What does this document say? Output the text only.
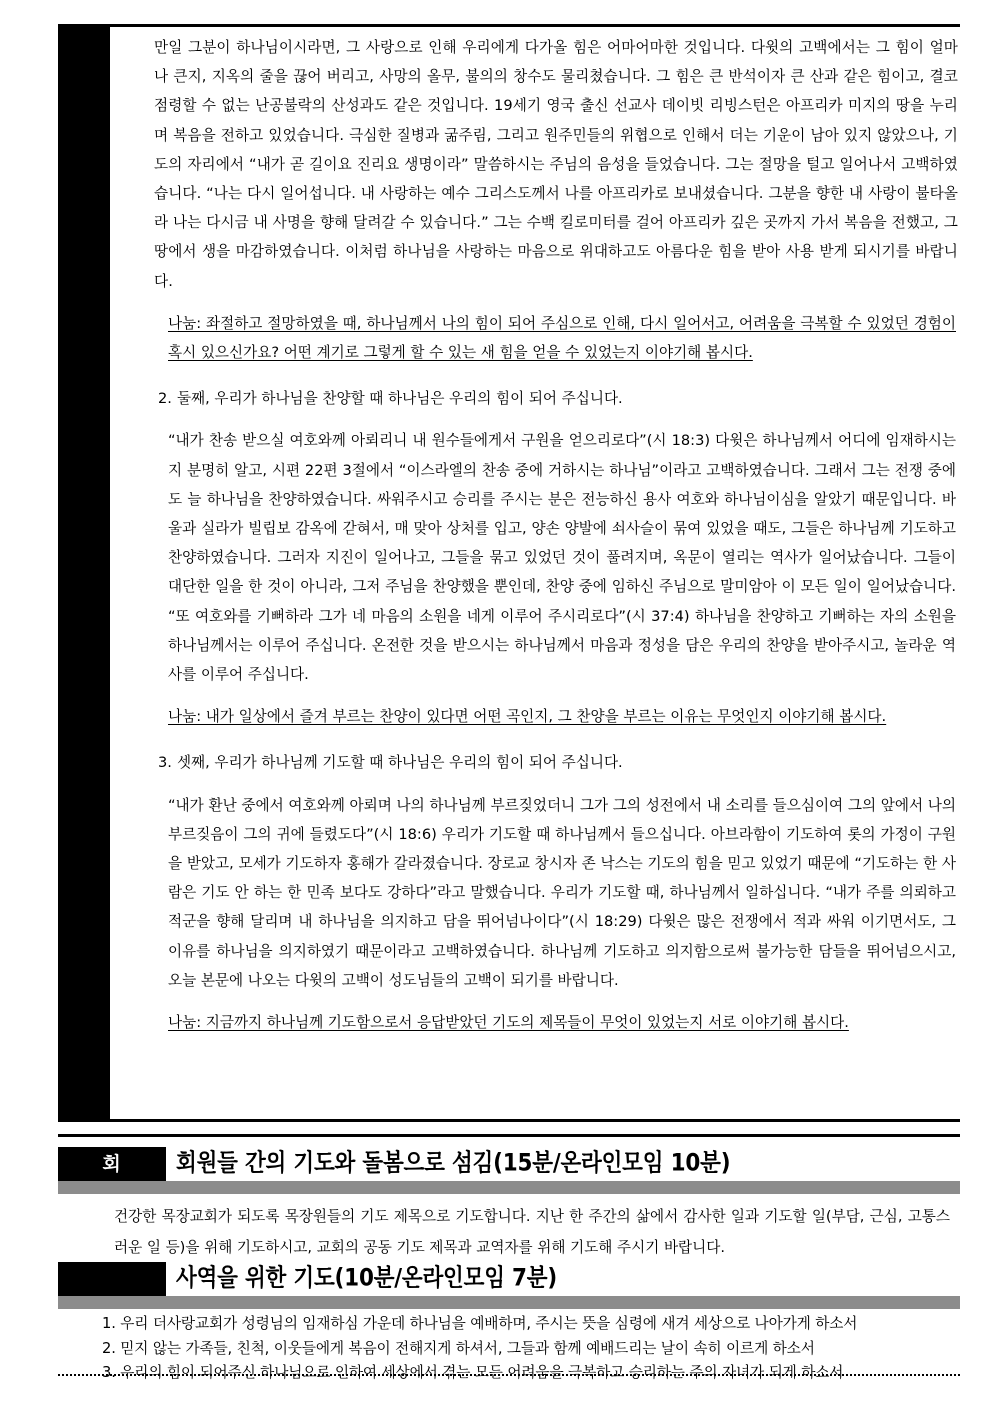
만일 그분이 하나님이시라면, 그 사랑으로 인해 우리에게 다가올 힘은 어마어마한 것입니다. 다윗의 고백에서는 그 힘이 얼마나 큰지, 지옥의 줄을 끊어 버리고, 사망의 올무, 불의의 창수도 물리쳤습니다. 그 힘은 큰 반석이자 큰 산과 같은 힘이고, 결코 점령할 수 없는 난공불락의 산성과도 같은 것입니다. 19세기 영국 출신 선교사 데이빗 리빙스턴은 아프리카 미지의 땅을 누리며 복음을 전하고 있었습니다. 극심한 질병과 굶주림, 그리고 원주민들의 위협으로 인해서 더는 기운이 남아 있지 않았으나, 기도의 자리에서 “내가 곧 길이요 진리요 생명이라” 말씀하시는 주님의 음성을 들었습니다. 그는 절망을 털고 일어나서 고백하였습니다. “나는 다시 일어섭니다. 내 사랑하는 예수 그리스도께서 나를 아프리카로 보내셨습니다. 그분을 향한 내 사랑이 불타올라 나는 다시금 내 사명을 향해 달려갈 수 있습니다.” 그는 수백 킬로미터를 걸어 아프리카 깊은 곳까지 가서 복음을 전했고, 그 땅에서 생을 마감하였습니다. 이처럼 하나님을 사랑하는 마음으로 위대하고도 아름다운 힘을 받아 사용 받게 되시기를 바랍니다.

나눔: 좌절하고 절망하였을 때, 하나님께서 나의 힘이 되어 주심으로 인해, 다시 일어서고, 어려움을 극복할 수 있었던 경험이 혹시 있으신가요? 어떤 계기로 그렇게 할 수 있는 새 힘을 얻을 수 있었는지 이야기해 봅시다.

2. 둘째, 우리가 하나님을 찬양할 때 하나님은 우리의 힘이 되어 주십니다.

“내가 찬송 받으실 여호와께 아뢰리니 내 원수들에게서 구원을 얻으리로다”(시 18:3) 다윗은 하나님께서 어디에 임재하시는지 분명히 알고, 시편 22편 3절에서 “이스라엘의 찬송 중에 거하시는 하나님”이라고 고백하였습니다. 그래서 그는 전쟁 중에도 늘 하나님을 찬양하였습니다. 싸워주시고 승리를 주시는 분은 전능하신 용사 여호와 하나님이심을 알았기 때문입니다. 바울과 실라가 빌립보 감옥에 갇혀서, 매 맞아 상처를 입고, 양손 양발에 쇠사슬이 묶여 있었을 때도, 그들은 하나님께 기도하고 찬양하였습니다. 그러자 지진이 일어나고, 그들을 묶고 있었던 것이 풀려지며, 옥문이 열리는 역사가 일어났습니다. 그들이 대단한 일을 한 것이 아니라, 그저 주님을 찬양했을 뿐인데, 찬양 중에 임하신 주님으로 말미암아 이 모든 일이 일어났습니다. “또 여호와를 기뻐하라 그가 네 마음의 소원을 네게 이루어 주시리로다”(시 37:4) 하나님을 찬양하고 기뻐하는 자의 소원을 하나님께서는 이루어 주십니다. 온전한 것을 받으시는 하나님께서 마음과 정성을 담은 우리의 찬양을 받아주시고, 놀라운 역사를 이루어 주십니다.

나눔: 내가 일상에서 즐겨 부르는 찬양이 있다면 어떤 곡인지, 그 찬양을 부르는 이유는 무엇인지 이야기해 봅시다.

3. 셋째, 우리가 하나님께 기도할 때 하나님은 우리의 힘이 되어 주십니다.

“내가 환난 중에서 여호와께 아뢰며 나의 하나님께 부르짖었더니 그가 그의 성전에서 내 소리를 들으심이여 그의 앞에서 나의 부르짖음이 그의 귀에 들렸도다”(시 18:6) 우리가 기도할 때 하나님께서 들으십니다. 아브라함이 기도하여 롯의 가정이 구원을 받았고, 모세가 기도하자 홍해가 갈라졌습니다. 장로교 창시자 존 낙스는 기도의 힘을 믿고 있었기 때문에 “기도하는 한 사람은 기도 안 하는 한 민족 보다도 강하다”라고 말했습니다. 우리가 기도할 때, 하나님께서 일하십니다. “내가 주를 의뢰하고 적군을 향해 달리며 내 하나님을 의지하고 담을 뛰어넘나이다”(시 18:29) 다윗은 많은 전쟁에서 적과 싸워 이기면서도, 그 이유를 하나님을 의지하였기 때문이라고 고백하였습니다. 하나님께 기도하고 의지함으로써 불가능한 담들을 뛰어넘으시고, 오늘 본문에 나오는 다윗의 고백이 성도님들의 고백이 되기를 바랍니다.

나눔: 지금까지 하나님께 기도함으로서 응답받았던 기도의 제목들이 무엇이 있었는지 서로 이야기해 봅시다.

회	회원들 간의 기도와 돌봄으로 섬김(15분/온라인모임 10분)

건강한 목장교회가 되도록 목장원들의 기도 제목으로 기도합니다. 지난 한 주간의 삶에서 감사한 일과 기도할 일(부담, 근심, 고통스러운 일 등)을 위해 기도하시고, 교회의 공동 기도 제목과 교역자를 위해 기도해 주시기 바랍니다.

사역을 위한 기도(10분/온라인모임 7분)
우리 더사랑교회가 성령님의 임재하심 가운데 하나님을 예배하며, 주시는 뜻을 심령에 새겨 세상으로 나아가게 하소서
믿지 않는 가족들, 친척, 이웃들에게 복음이 전해지게 하셔서, 그들과 함께 예배드리는 날이 속히 이르게 하소서
우리의 힘이 되어주신 하나님으로 인하여 세상에서 겪는 모든 어려움을 극복하고 승리하는 주의 자녀가 되게 하소서
